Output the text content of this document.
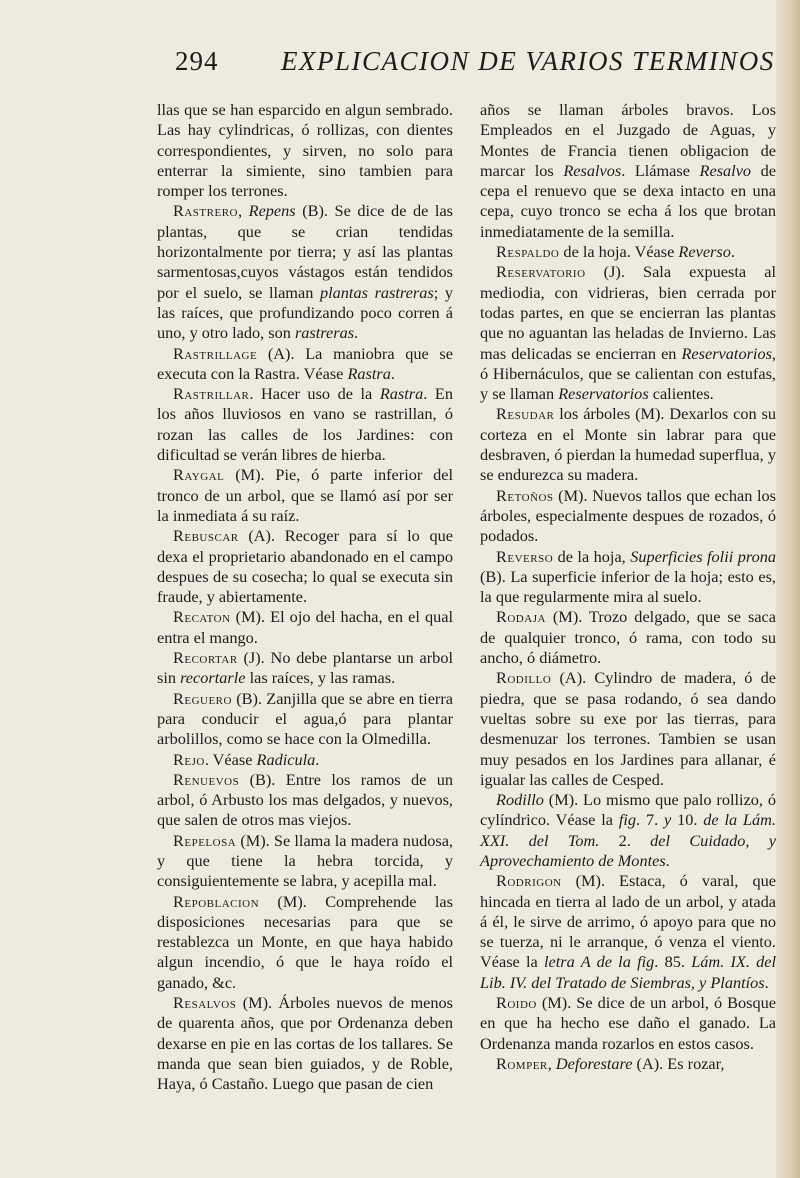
294 EXPLICACION DE VARIOS TERMINOS

llas que se han esparcido en algun sembrado. Las hay cylindricas, ó rollizas, con dientes correspondientes, y sirven, no solo para enterrar la simiente, sino tambien para romper los terrones.

Rastrero, Repens (B). Se dice de de las plantas, que se crian tendidas horizontalmente por tierra; y así las plantas sarmentosas,cuyos vástagos están tendidos por el suelo, se llaman plantas rastreras; y las raíces, que profundizando poco corren á uno, y otro lado, son rastreras.

Rastrillage (A). La maniobra que se executa con la Rastra. Véase Rastra.

Rastrillar. Hacer uso de la Rastra. En los años lluviosos en vano se rastrillan, ó rozan las calles de los Jardines: con dificultad se verán libres de hierba.

Raygal (M). Pie, ó parte inferior del tronco de un arbol, que se llamó así por ser la inmediata á su raíz.

Rebuscar (A). Recoger para sí lo que dexa el proprietario abandonado en el campo despues de su cosecha; lo qual se executa sin fraude, y abiertamente.

Recaton (M). El ojo del hacha, en el qual entra el mango.

Recortar (J). No debe plantarse un arbol sin recortarle las raíces, y las ramas.

Reguero (B). Zanjilla que se abre en tierra para conducir el agua,ó para plantar arbolillos, como se hace con la Olmedilla.

Rejo. Véase Radicula.

Renuevos (B). Entre los ramos de un arbol, ó Arbusto los mas delgados, y nuevos, que salen de otros mas viejos.

Repelosa (M). Se llama la madera nudosa, y que tiene la hebra torcida, y consiguientemente se labra, y acepilla mal.

Repoblacion (M). Comprehende las disposiciones necesarias para que se restablezca un Monte, en que haya habido algun incendio, ó que le haya roído el ganado, &c.

Resalvos (M). Árboles nuevos de menos de quarenta años, que por Ordenanza deben dexarse en pie en las cortas de los tallares. Se manda que sean bien guiados, y de Roble, Haya, ó Castaño. Luego que pasan de cien

años se llaman árboles bravos. Los Empleados en el Juzgado de Aguas, y Montes de Francia tienen obligacion de marcar los Resalvos. Llámase Resalvo de cepa el renuevo que se dexa intacto en una cepa, cuyo tronco se echa á los que brotan inmediatamente de la semilla.

Respaldo de la hoja. Véase Reverso.

Reservatorio (J). Sala expuesta al mediodia, con vidrieras, bien cerrada por todas partes, en que se encierran las plantas que no aguantan las heladas de Invierno. Las mas delicadas se encierran en Reservatorios, ó Hibernáculos, que se calientan con estufas, y se llaman Reservatorios calientes.

Resudar los árboles (M). Dexarlos con su corteza en el Monte sin labrar para que desbraven, ó pierdan la humedad superflua, y se endurezca su madera.

Retoños (M). Nuevos tallos que echan los árboles, especialmente despues de rozados, ó podados.

Reverso de la hoja, Superficies folii prona (B). La superficie inferior de la hoja; esto es, la que regularmente mira al suelo.

Rodaja (M). Trozo delgado, que se saca de qualquier tronco, ó rama, con todo su ancho, ó diámetro.

Rodillo (A). Cylindro de madera, ó de piedra, que se pasa rodando, ó sea dando vueltas sobre su exe por las tierras, para desmenuzar los terrones. Tambien se usan muy pesados en los Jardines para allanar, é igualar las calles de Cesped.

Rodillo (M). Lo mismo que palo rollizo, ó cylíndrico. Véase la fig. 7. y 10. de la Lám. XXI. del Tom. 2. del Cuidado, y Aprovechamiento de Montes.

Rodrigon (M). Estaca, ó varal, que hincada en tierra al lado de un arbol, y atada á él, le sirve de arrimo, ó apoyo para que no se tuerza, ni le arranque, ó venza el viento. Véase la letra A de la fig. 85. Lám. IX. del Lib. IV. del Tratado de Siembras, y Plantíos.

Roido (M). Se dice de un arbol, ó Bosque en que ha hecho ese daño el ganado. La Ordenanza manda rozarlos en estos casos.

Romper, Deforestare (A). Es rozar,
